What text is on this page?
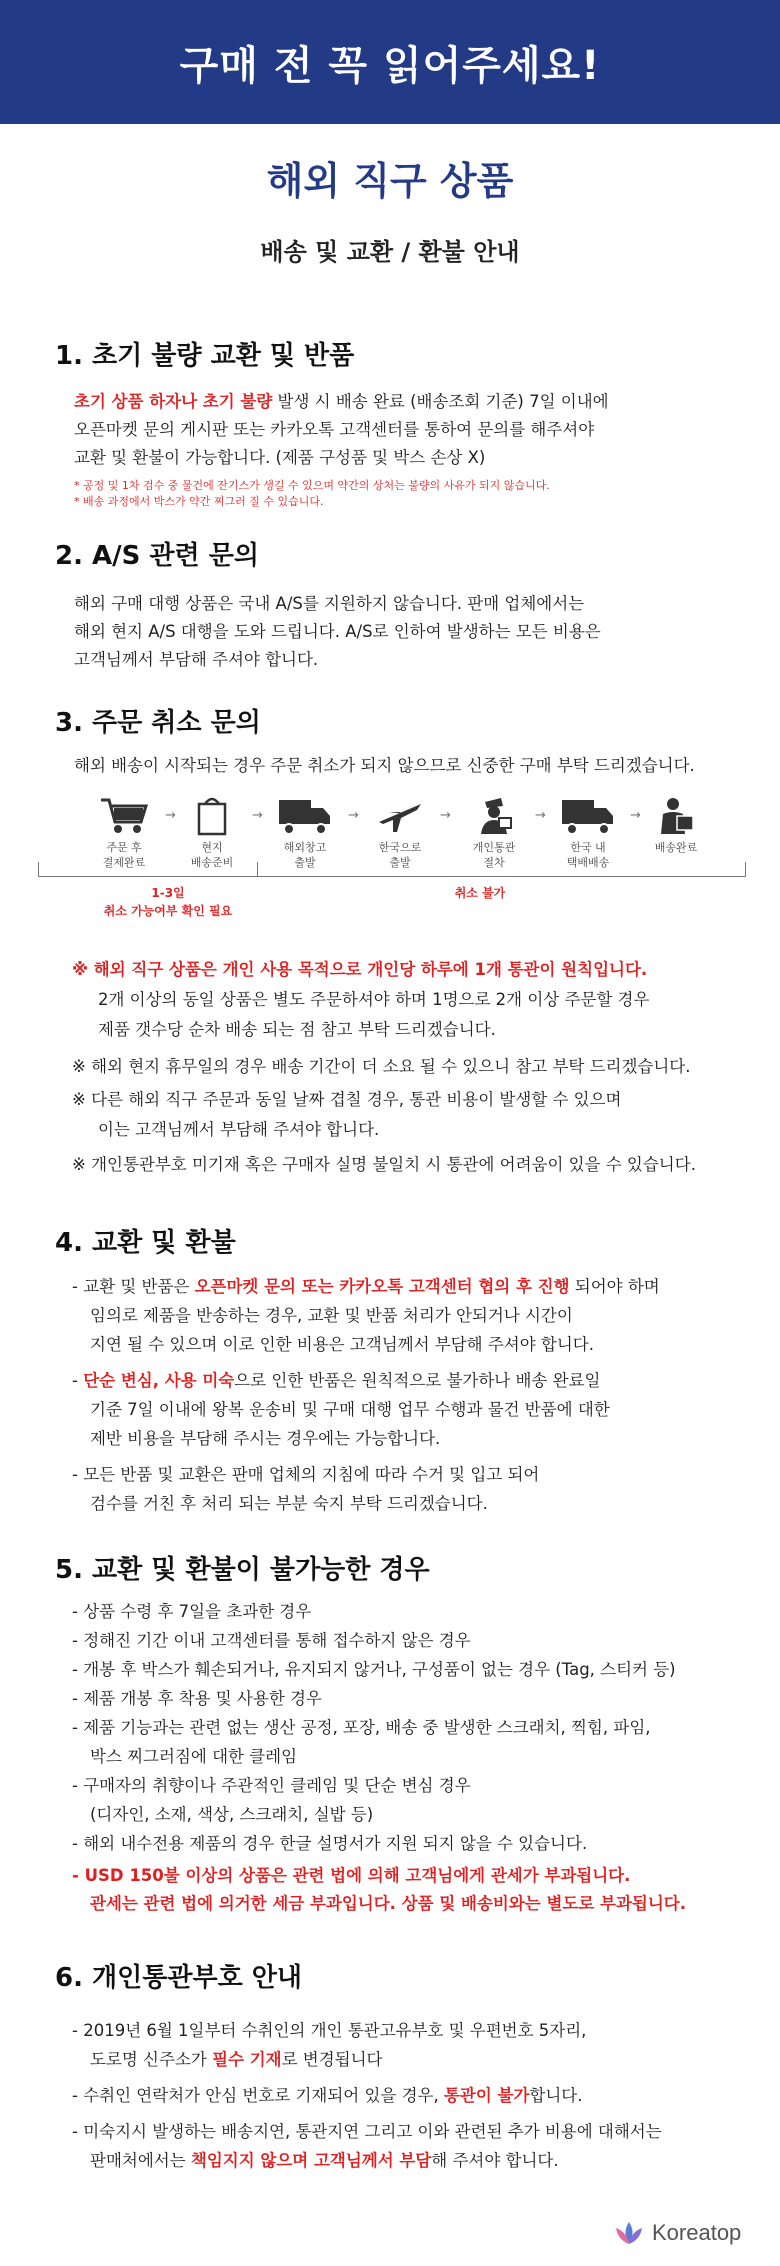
구매 전 꼭 읽어주세요!
해외 직구 상품
배송 및 교환 / 환불 안내
1. 초기 불량 교환 및 반품
초기 상품 하자나 초기 불량 발생 시 배송 완료 (배송조회 기준) 7일 이내에
오픈마켓 문의 게시판 또는 카카오톡 고객센터를 통하여 문의를 해주셔야
교환 및 환불이 가능합니다. (제품 구성품 및 박스 손상 X)
* 공정 및 1차 검수 중 물건에 잔기스가 생길 수 있으며 약간의 상처는 불량의 사유가 되지 않습니다.
* 배송 과정에서 박스가 약간 찌그러 질 수 있습니다.
2. A/S 관련 문의
해외 구매 대행 상품은 국내 A/S를 지원하지 않습니다. 판매 업체에서는
해외 현지 A/S 대행을 도와 드립니다. A/S로 인하여 발생하는 모든 비용은
고객님께서 부담해 주셔야 합니다.
3. 주문 취소 문의
해외 배송이 시작되는 경우 주문 취소가 되지 않으므로 신중한 구매 부탁 드리겠습니다.
주문 후
결제완료
→
현지
배송준비
→
해외창고
출발
→
한국으로
출발
→
개인통관
절차
→
한국 내
택배배송
→
배송완료
1-3일
취소 가능여부 확인 필요
취소 불가
※ 해외 직구 상품은 개인 사용 목적으로 개인당 하루에 1개 통관이 원칙입니다.
2개 이상의 동일 상품은 별도 주문하셔야 하며 1명으로 2개 이상 주문할 경우
제품 갯수당 순차 배송 되는 점 참고 부탁 드리겠습니다.
※ 해외 현지 휴무일의 경우 배송 기간이 더 소요 될 수 있으니 참고 부탁 드리겠습니다.
※ 다른 해외 직구 주문과 동일 날짜 겹칠 경우, 통관 비용이 발생할 수 있으며
이는 고객님께서 부담해 주셔야 합니다.
※ 개인통관부호 미기재 혹은 구매자 실명 불일치 시 통관에 어려움이 있을 수 있습니다.
4. 교환 및 환불
- 교환 및 반품은 오픈마켓 문의 또는 카카오톡 고객센터 협의 후 진행 되어야 하며
임의로 제품을 반송하는 경우, 교환 및 반품 처리가 안되거나 시간이
지연 될 수 있으며 이로 인한 비용은 고객님께서 부담해 주셔야 합니다.
- 단순 변심, 사용 미숙으로 인한 반품은 원칙적으로 불가하나 배송 완료일
기준 7일 이내에 왕복 운송비 및 구매 대행 업무 수행과 물건 반품에 대한
제반 비용을 부담해 주시는 경우에는 가능합니다.
- 모든 반품 및 교환은 판매 업체의 지침에 따라 수거 및 입고 되어
검수를 거친 후 처리 되는 부분 숙지 부탁 드리겠습니다.
5. 교환 및 환불이 불가능한 경우
- 상품 수령 후 7일을 초과한 경우
- 정해진 기간 이내 고객센터를 통해 접수하지 않은 경우
- 개봉 후 박스가 훼손되거나, 유지되지 않거나, 구성품이 없는 경우 (Tag, 스티커 등)
- 제품 개봉 후 착용 및 사용한 경우
- 제품 기능과는 관련 없는 생산 공정, 포장, 배송 중 발생한 스크래치, 찍힘, 파임,
박스 찌그러짐에 대한 클레임
- 구매자의 취향이나 주관적인 클레임 및 단순 변심 경우
(디자인, 소재, 색상, 스크래치, 실밥 등)
- 해외 내수전용 제품의 경우 한글 설명서가 지원 되지 않을 수 있습니다.
- USD 150불 이상의 상품은 관련 법에 의해 고객님에게 관세가 부과됩니다.
관세는 관련 법에 의거한 세금 부과입니다. 상품 및 배송비와는 별도로 부과됩니다.
6. 개인통관부호 안내
- 2019년 6월 1일부터 수취인의 개인 통관고유부호 및 우편번호 5자리,
도로명 신주소가 필수 기재로 변경됩니다
- 수취인 연락처가 안심 번호로 기재되어 있을 경우, 통관이 불가합니다.
- 미숙지시 발생하는 배송지연, 통관지연 그리고 이와 관련된 추가 비용에 대해서는
판매처에서는 책임지지 않으며 고객님께서 부담해 주셔야 합니다.
Koreatop
